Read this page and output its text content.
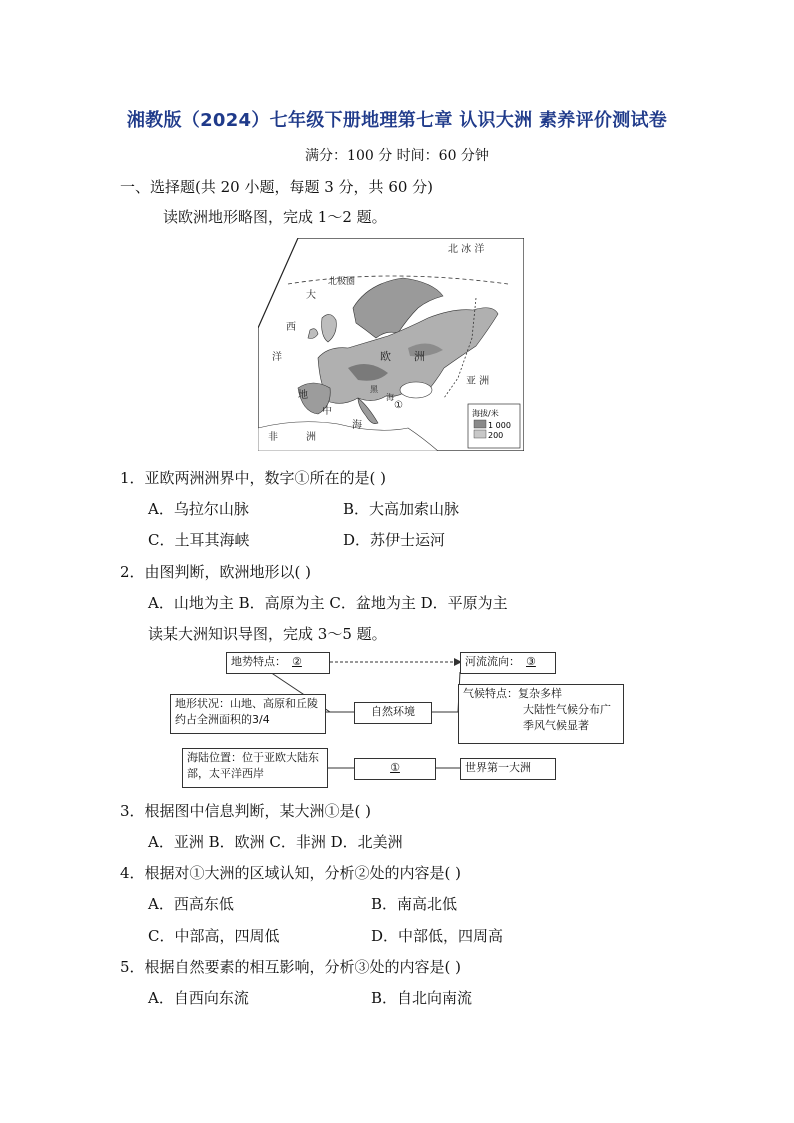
湘教版（2024）七年级下册地理第七章 认识大洲 素养评价测试卷
满分：100 分 时间：60 分钟
一、选择题(共 20 小题，每题 3 分，共 60 分)
读欧洲地形略图，完成 1～2 题。
北 冰 洋
北极圈
大
西
洋	欧 洲
亚 洲
地
中
海
黑
海
非	洲
①
海拔/米
1 000
200
1．亚欧两洲洲界中，数字①所在的是( )
A．乌拉尔山脉	B．大高加索山脉
C．土耳其海峡	D．苏伊士运河
2．由图判断，欧洲地形以( )
A．山地为主 B．高原为主 C．盆地为主 D．平原为主
读某大洲知识导图，完成 3～5 题。
地势特点： ②	河流流向： ③
地形状况：山地、高原和丘陵约占全洲面积的3/4
自然环境
气候特点：复杂多样
大陆性气候分布广
季风气候显著
海陆位置：位于亚欧大陆东部，太平洋西岸	①	世界第一大洲
3．根据图中信息判断，某大洲①是( )
A．亚洲 B．欧洲 C．非洲 D．北美洲
4．根据对①大洲的区域认知，分析②处的内容是( )
A．西高东低	B．南高北低
C．中部高，四周低	D．中部低，四周高
5．根据自然要素的相互影响，分析③处的内容是( )
A．自西向东流	B．自北向南流
